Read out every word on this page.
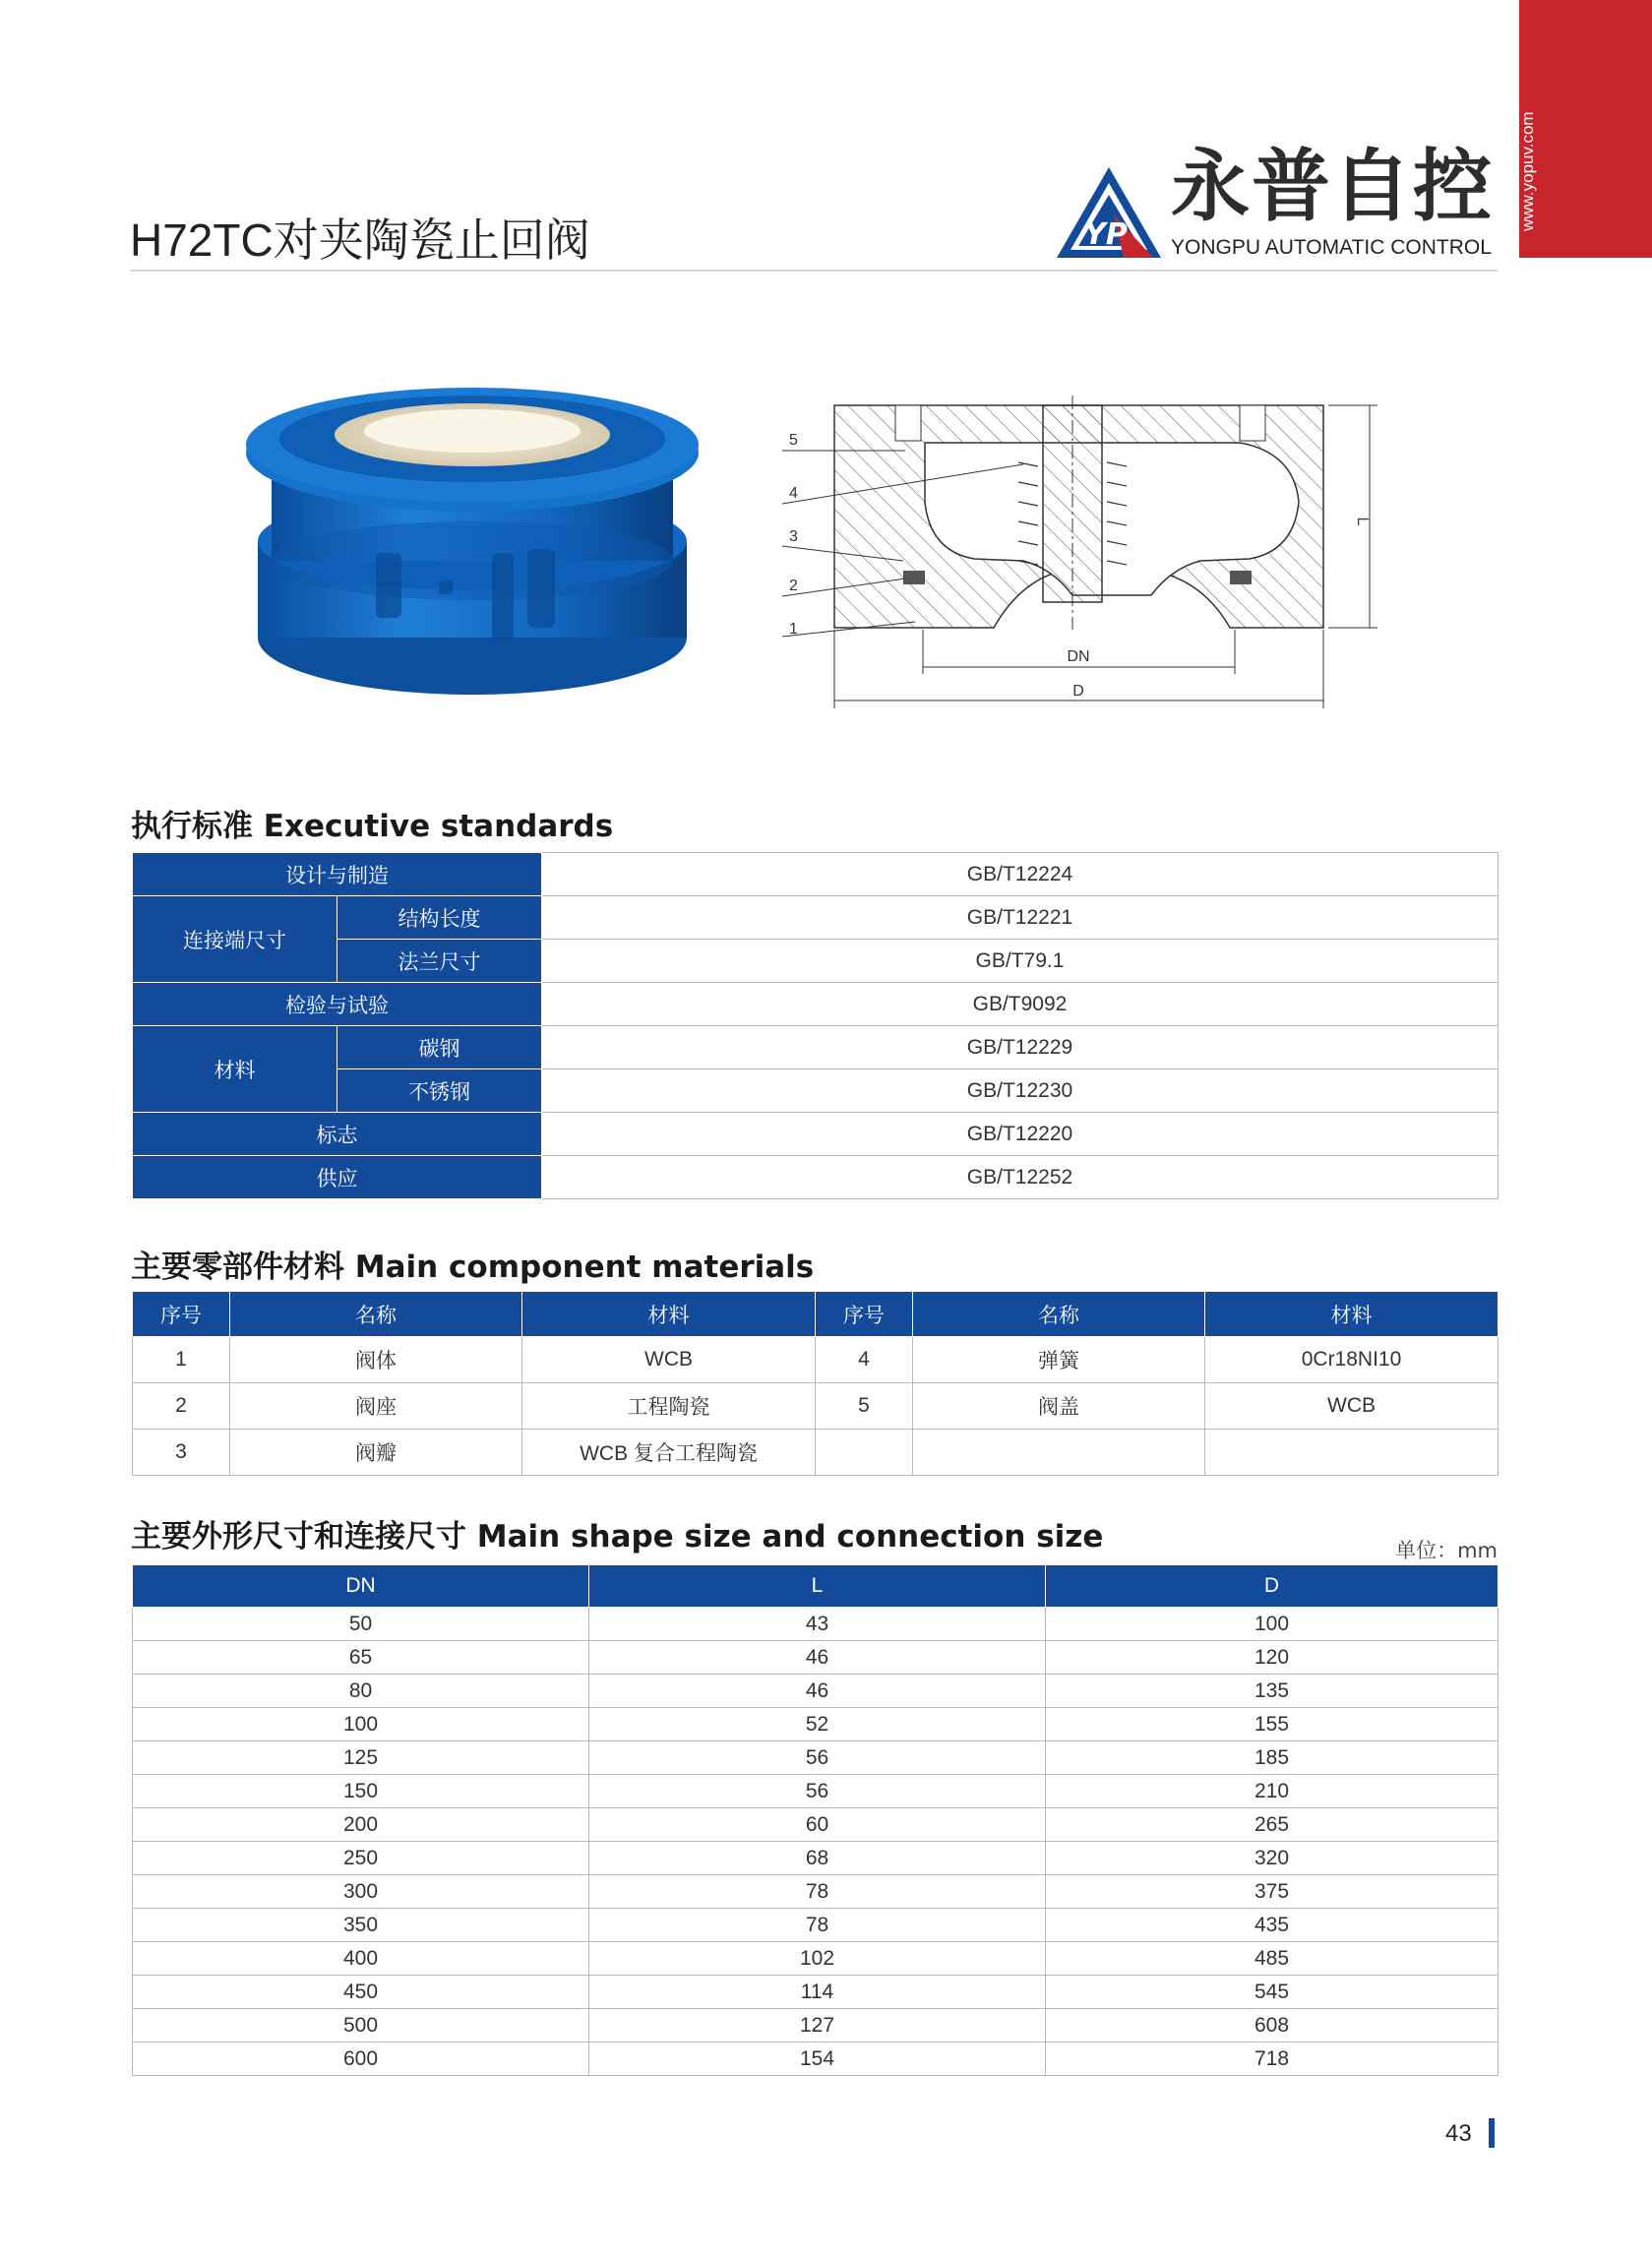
www.yopuv.com
H72TC对夹陶瓷止回阀	YP
永普自控
YONGPU AUTOMATIC CONTROL
5
4
3
2
1
DN
D
L
执行标准 Executive standards
设计与制造		GB/T12224
连接端尺寸	结构长度	GB/T12221
	法兰尺寸	GB/T79.1
检验与试验		GB/T9092
材料	碳钢	GB/T12229
	不锈钢	GB/T12230
标志		GB/T12220
供应		GB/T12252
主要零部件材料 Main component materials
序号	名称	材料	序号	名称	材料
1	阀体	WCB	4	弹簧	0Cr18NI10
2	阀座	工程陶瓷	5	阀盖	WCB
3	阀瓣	WCB 复合工程陶瓷			
主要外形尺寸和连接尺寸 Main shape size and connection size	单位：mm
DN	L	D
50	43	100
65	46	120
80	46	135
100	52	155
125	56	185
150	56	210
200	60	265
250	68	320
300	78	375
350	78	435
400	102	485
450	114	545
500	127	608
600	154	718
43
